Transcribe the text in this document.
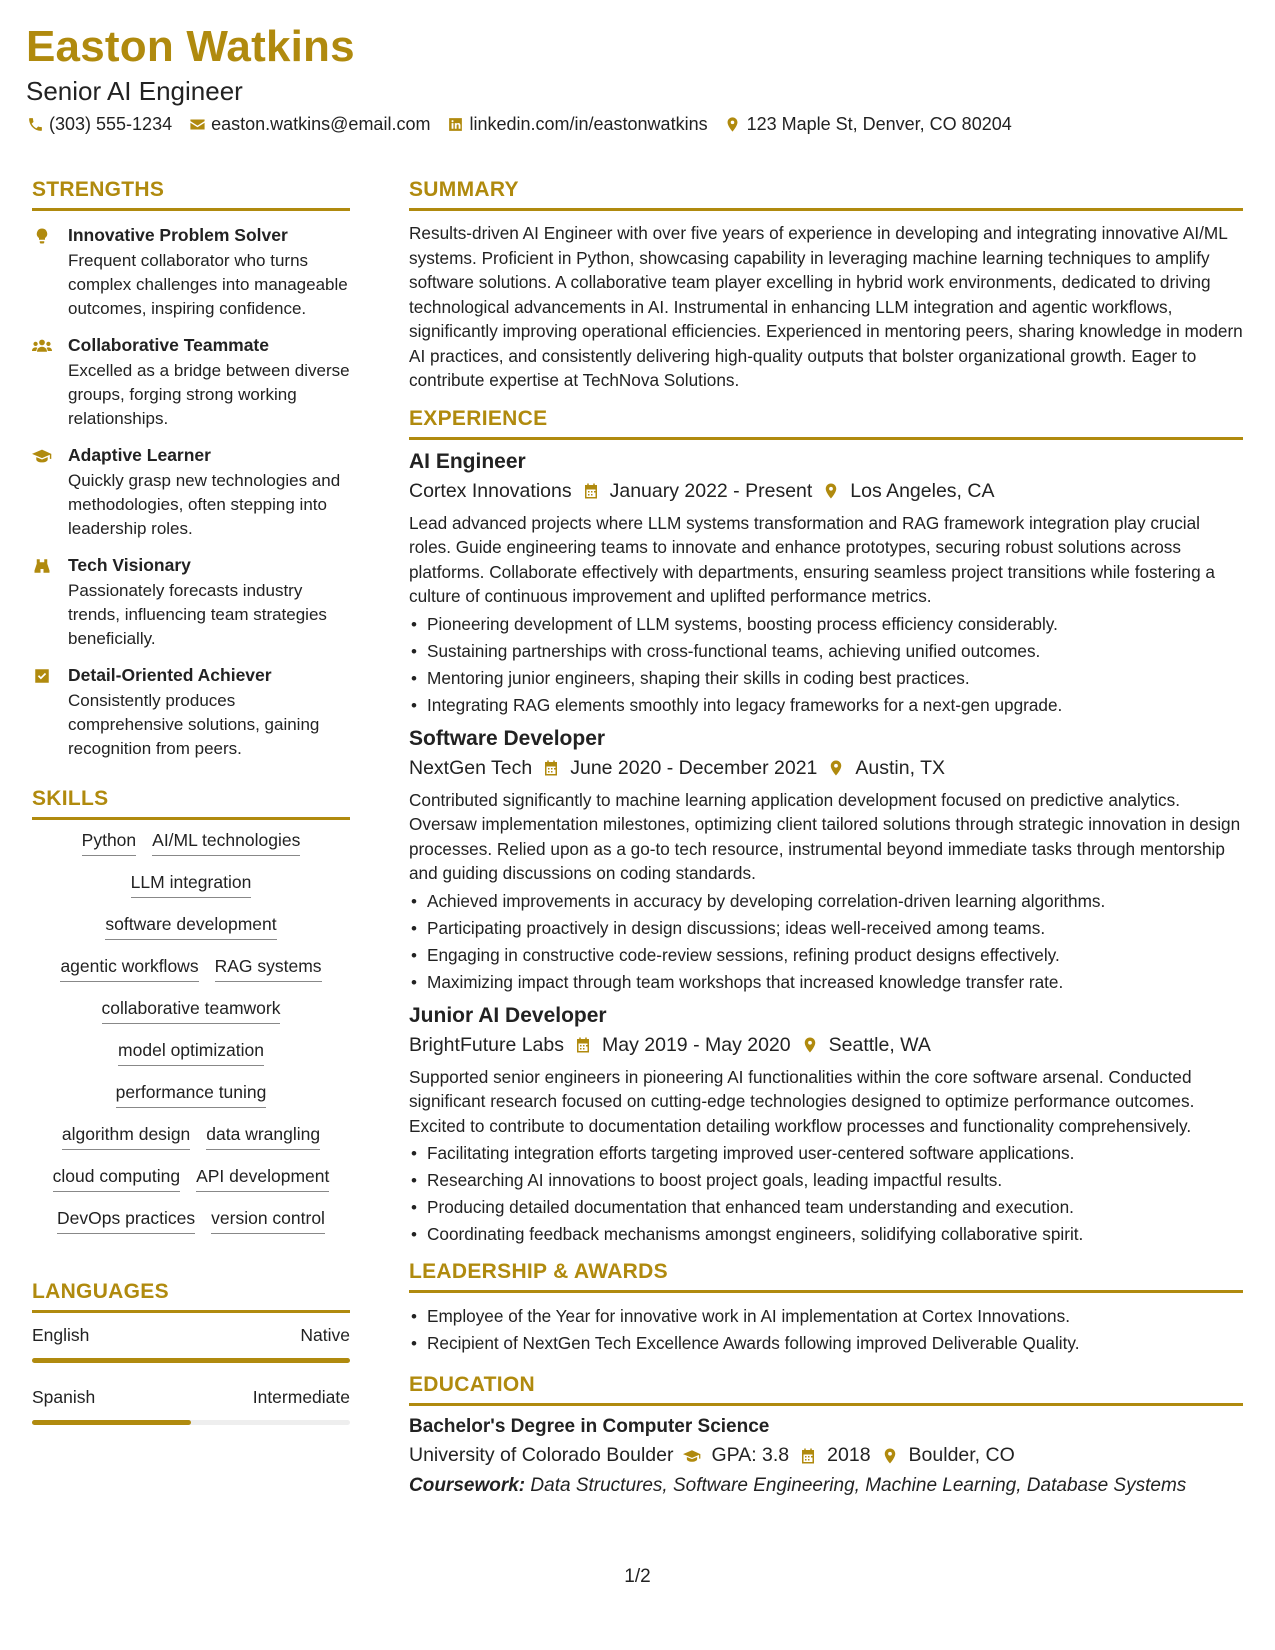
Easton Watkins
Senior AI Engineer
(303) 555-1234 easton.watkins@email.com linkedin.com/in/eastonwatkins 123 Maple St, Denver, CO 80204
STRENGTHS
Innovative Problem Solver

Frequent collaborator who turns complex challenges into manageable outcomes, inspiring confidence.

Collaborative Teammate

Excelled as a bridge between diverse groups, forging strong working relationships.

Adaptive Learner

Quickly grasp new technologies and methodologies, often stepping into leadership roles.

Tech Visionary

Passionately forecasts industry trends, influencing team strategies beneficially.

Detail-Oriented Achiever

Consistently produces comprehensive solutions, gaining recognition from peers.

SKILLS
Python AI/ML technologies
LLM integration
software development
agentic workflows RAG systems
collaborative teamwork
model optimization
performance tuning
algorithm design data wrangling
cloud computing API development
DevOps practices version control
LANGUAGES
English	Native
Spanish	Intermediate
SUMMARY

Results-driven AI Engineer with over five years of experience in developing and integrating innovative AI/ML systems. Proficient in Python, showcasing capability in leveraging machine learning techniques to amplify software solutions. A collaborative team player excelling in hybrid work environments, dedicated to driving technological advancements in AI. Instrumental in enhancing LLM integration and agentic workflows, significantly improving operational efficiencies. Experienced in mentoring peers, sharing knowledge in modern AI practices, and consistently delivering high-quality outputs that bolster organizational growth. Eager to contribute expertise at TechNova Solutions.

EXPERIENCE
AI Engineer
Cortex Innovations January 2022 - Present Los Angeles, CA

Lead advanced projects where LLM systems transformation and RAG framework integration play crucial roles. Guide engineering teams to innovate and enhance prototypes, securing robust solutions across platforms. Collaborate effectively with departments, ensuring seamless project transitions while fostering a culture of continuous improvement and uplifted performance metrics.

• Pioneering development of LLM systems, boosting process efficiency considerably.
• Sustaining partnerships with cross-functional teams, achieving unified outcomes.
• Mentoring junior engineers, shaping their skills in coding best practices.
• Integrating RAG elements smoothly into legacy frameworks for a next-gen upgrade.
Software Developer
NextGen Tech June 2020 - December 2021 Austin, TX

Contributed significantly to machine learning application development focused on predictive analytics. Oversaw implementation milestones, optimizing client tailored solutions through strategic innovation in design processes. Relied upon as a go-to tech resource, instrumental beyond immediate tasks through mentorship and guiding discussions on coding standards.

• Achieved improvements in accuracy by developing correlation-driven learning algorithms.
• Participating proactively in design discussions; ideas well-received among teams.
• Engaging in constructive code-review sessions, refining product designs effectively.
• Maximizing impact through team workshops that increased knowledge transfer rate.
Junior AI Developer
BrightFuture Labs May 2019 - May 2020 Seattle, WA

Supported senior engineers in pioneering AI functionalities within the core software arsenal. Conducted significant research focused on cutting-edge technologies designed to optimize performance outcomes. Excited to contribute to documentation detailing workflow processes and functionality comprehensively.

• Facilitating integration efforts targeting improved user-centered software applications.
• Researching AI innovations to boost project goals, leading impactful results.
• Producing detailed documentation that enhanced team understanding and execution.
• Coordinating feedback mechanisms amongst engineers, solidifying collaborative spirit.
LEADERSHIP & AWARDS
• Employee of the Year for innovative work in AI implementation at Cortex Innovations.
• Recipient of NextGen Tech Excellence Awards following improved Deliverable Quality.
EDUCATION
Bachelor's Degree in Computer Science
University of Colorado Boulder GPA: 3.8 2018 Boulder, CO
Coursework: Data Structures, Software Engineering, Machine Learning, Database Systems
1/2
